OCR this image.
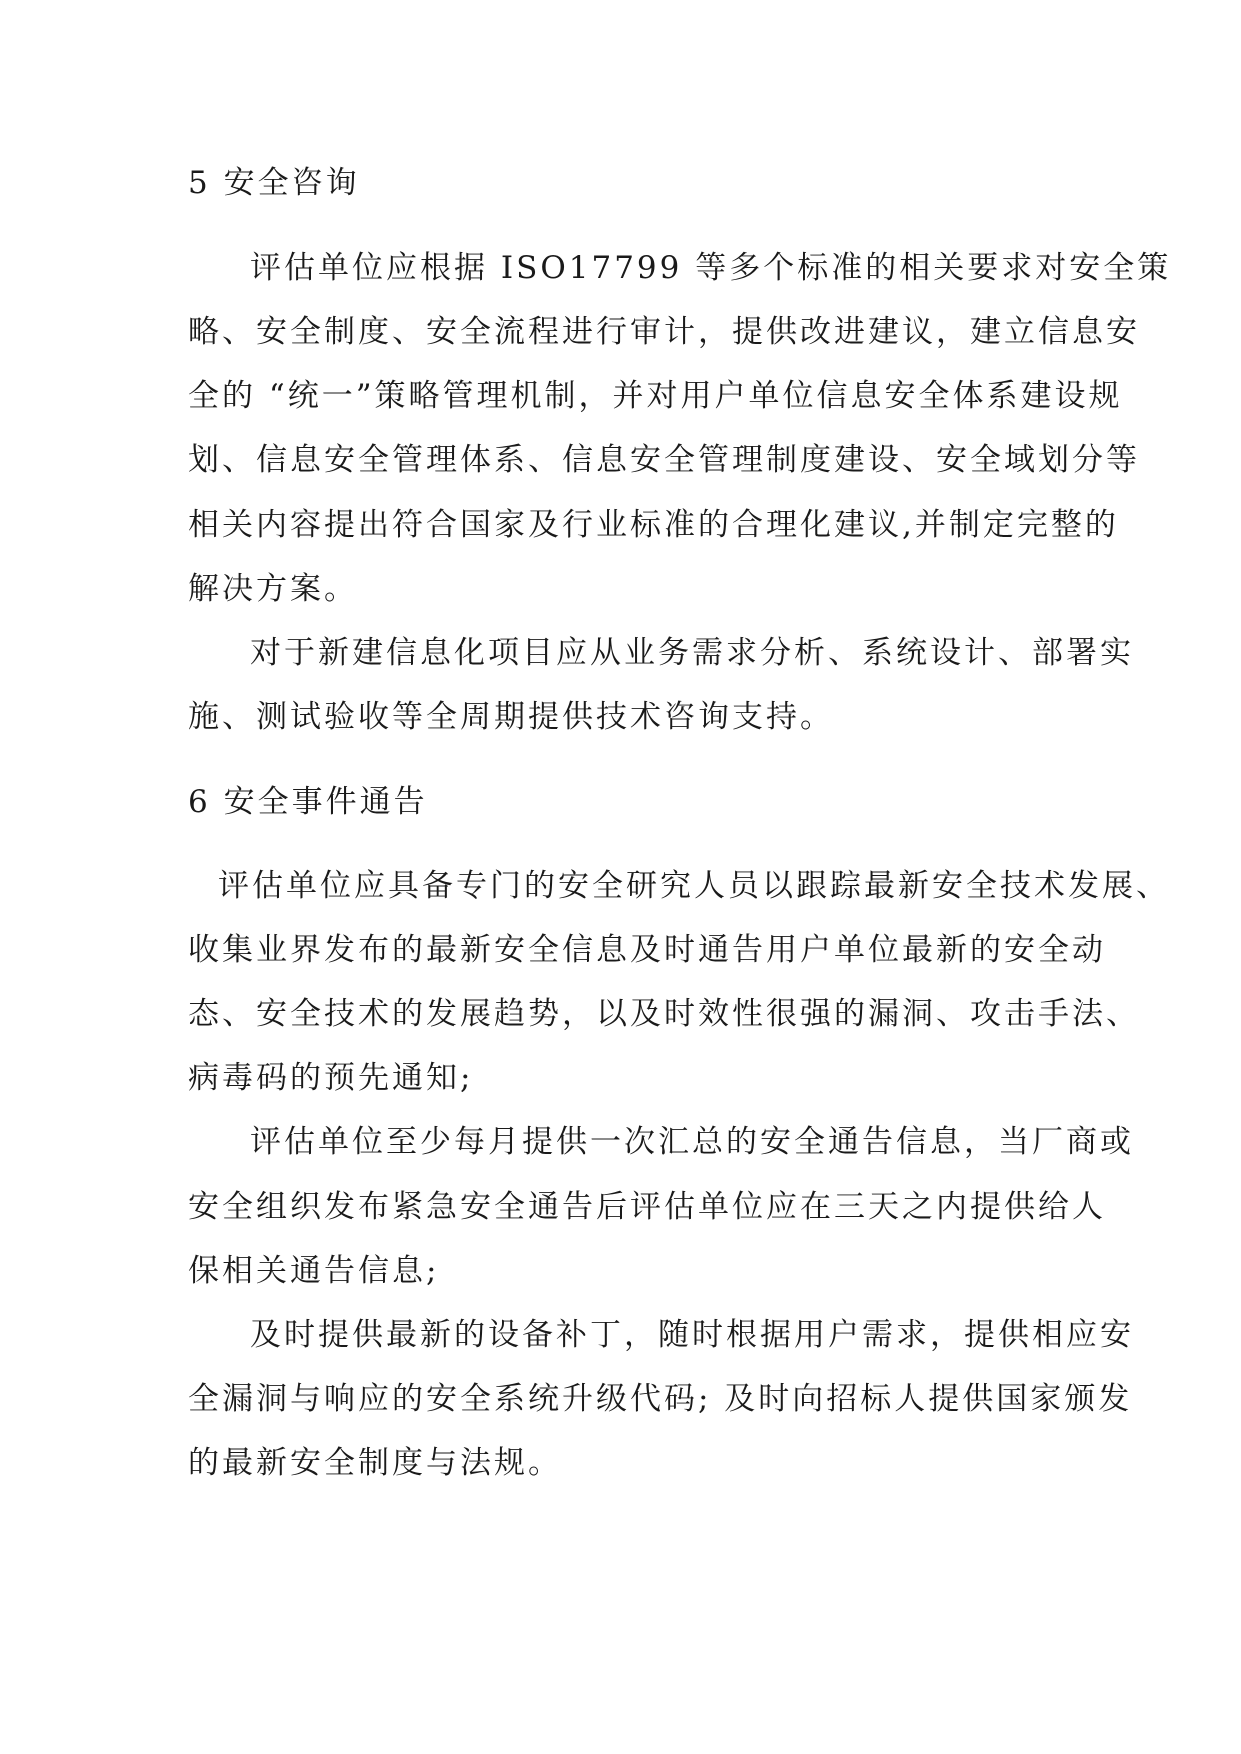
5 安全咨询
评估单位应根据 ISO17799 等多个标准的相关要求对安全策
略、安全制度、安全流程进行审计，提供改进建议，建立信息安
全的 “统一”策略管理机制，并对用户单位信息安全体系建设规
划、信息安全管理体系、信息安全管理制度建设、安全域划分等
相关内容提出符合国家及行业标准的合理化建议,并制定完整的
解决方案。
对于新建信息化项目应从业务需求分析、系统设计、部署实
施、测试验收等全周期提供技术咨询支持。
6 安全事件通告
评估单位应具备专门的安全研究人员以跟踪最新安全技术发展、
收集业界发布的最新安全信息及时通告用户单位最新的安全动
态、安全技术的发展趋势，以及时效性很强的漏洞、攻击手法、
病毒码的预先通知;
评估单位至少每月提供一次汇总的安全通告信息，当厂商或
安全组织发布紧急安全通告后评估单位应在三天之内提供给人
保相关通告信息;
及时提供最新的设备补丁，随时根据用户需求，提供相应安
全漏洞与响应的安全系统升级代码; 及时向招标人提供国家颁发
的最新安全制度与法规。
